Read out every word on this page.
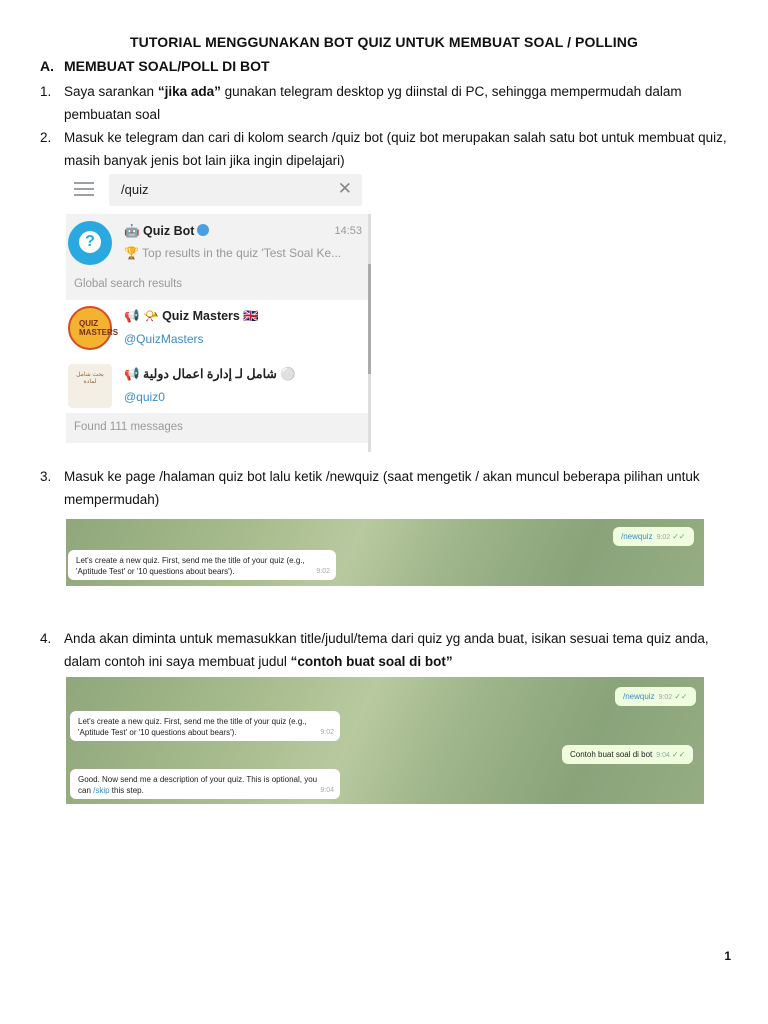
TUTORIAL MENGGUNAKAN BOT QUIZ UNTUK MEMBUAT SOAL / POLLING
A. MEMBUAT SOAL/POLL DI BOT
1. Saya sarankan “jika ada” gunakan telegram desktop yg diinstal di PC, sehingga mempermudah dalam pembuatan soal
2. Masuk ke telegram dan cari di kolom search /quiz bot (quiz bot merupakan salah satu bot untuk membuat quiz, masih banyak jenis bot lain jika ingin dipelajari)
/quiz	✕
?
🤖 Quiz Bot	14:53
🏆 Top results in the quiz 'Test Soal Ke...
Global search results
QUIZ MASTERS
📢 📯 Quiz Masters 🇬🇧
@QuizMasters
ﺑﺤﺚ ﺷﺎﻣﻞ ﻟﻤﺎﺩﺓ
📢 شامل لـ إدارة اعمال دولية ⚪
@quiz0
Found 111 messages
3. Masuk ke page /halaman quiz bot lalu ketik /newquiz (saat mengetik / akan muncul beberapa pilihan untuk mempermudah)
/newquiz 9:02 ✓✓
Let's create a new quiz. First, send me the title of your quiz (e.g.,
'Aptitude Test' or '10 questions about bears').	9:02
4. Anda akan diminta untuk memasukkan title/judul/tema dari quiz yg anda buat, isikan sesuai tema quiz anda, dalam contoh ini saya membuat judul “contoh buat soal di bot”
/newquiz 9:02 ✓✓
Let's create a new quiz. First, send me the title of your quiz (e.g.,
'Aptitude Test' or '10 questions about bears').	9:02
Contoh buat soal di bot 9:04 ✓✓
Good. Now send me a description of your quiz. This is optional, you
can /skip this step.	9:04
1
